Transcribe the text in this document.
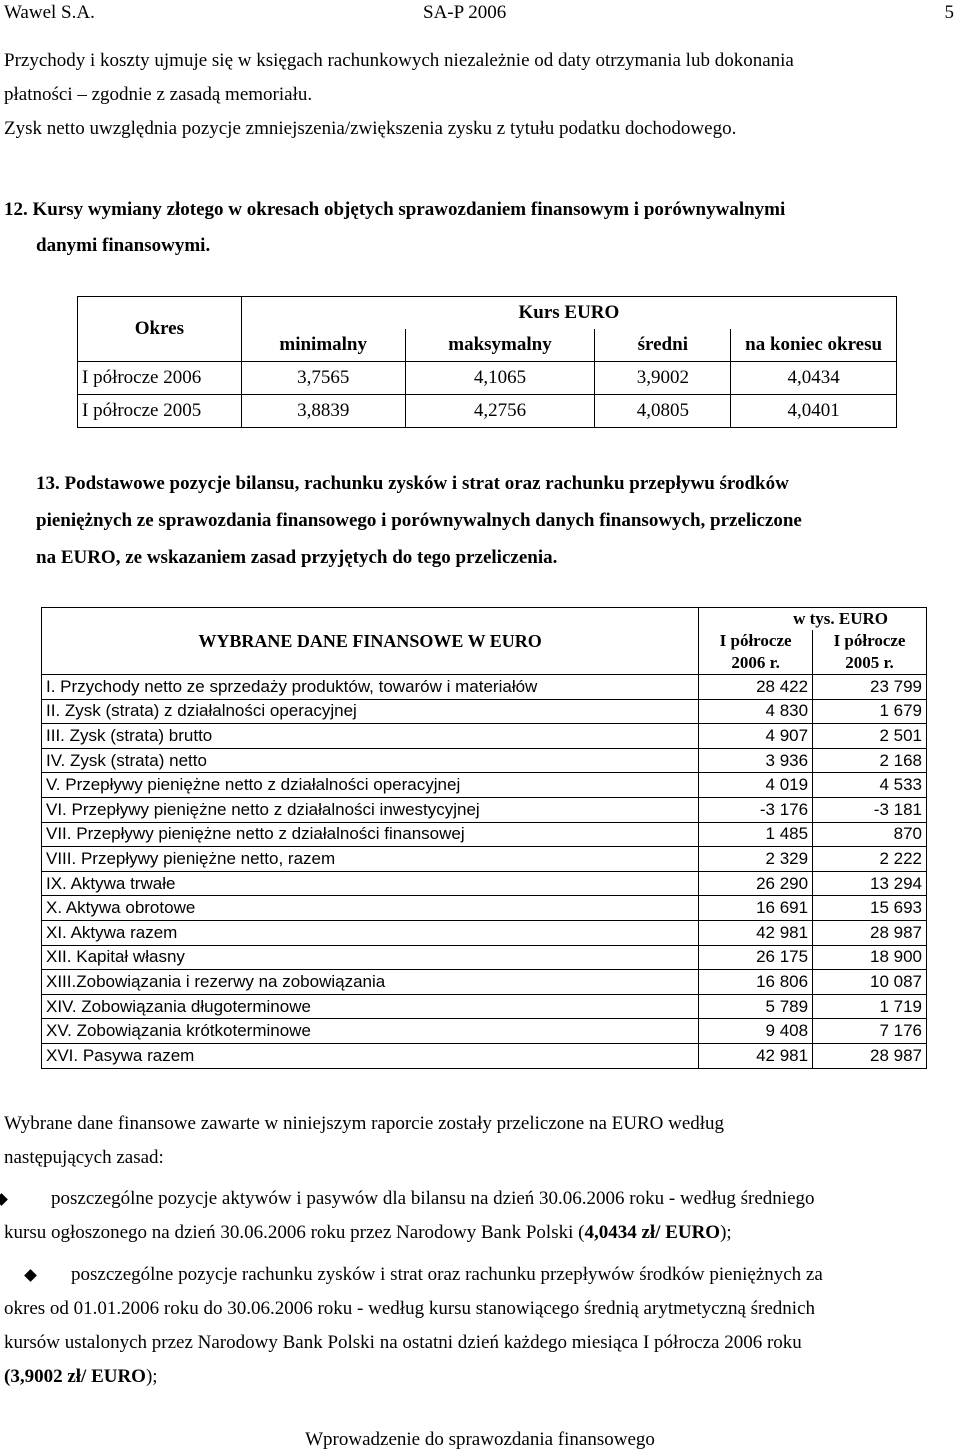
Wawel S.A.	SA-P 2006	5
Przychody i koszty ujmuje się w księgach rachunkowych niezależnie od daty otrzymania lub dokonania
płatności – zgodnie z zasadą memoriału.
Zysk netto uwzględnia pozycje zmniejszenia/zwiększenia zysku z tytułu podatku dochodowego.
12. Kursy wymiany złotego w okresach objętych sprawozdaniem finansowym i porównywalnymi
danymi finansowymi.
Okres	Kurs EURO			
	minimalny	maksymalny	średni	na koniec okresu
I półrocze 2006	3,7565	4,1065	3,9002	4,0434
I półrocze 2005	3,8839	4,2756	4,0805	4,0401
13. Podstawowe pozycje bilansu, rachunku zysków i strat oraz rachunku przepływu środków
pieniężnych ze sprawozdania finansowego i porównywalnych danych finansowych, przeliczone
na EURO, ze wskazaniem zasad przyjętych do tego przeliczenia.
WYBRANE DANE FINANSOWE W EURO	w tys. EURO	
	I półrocze	I półrocze
	2006 r.	2005 r.
I. Przychody netto ze sprzedaży produktów, towarów i materiałów	28 422	23 799
II. Zysk (strata) z działalności operacyjnej	4 830	1 679
III. Zysk (strata) brutto	4 907	2 501
IV. Zysk (strata) netto	3 936	2 168
V. Przepływy pieniężne netto z działalności operacyjnej	4 019	4 533
VI. Przepływy pieniężne netto z działalności inwestycyjnej	-3 176	-3 181
VII. Przepływy pieniężne netto z działalności finansowej	1 485	870
VIII. Przepływy pieniężne netto, razem	2 329	2 222
IX. Aktywa trwałe	26 290	13 294
X. Aktywa obrotowe	16 691	15 693
XI. Aktywa razem	42 981	28 987
XII. Kapitał własny	26 175	18 900
XIII.Zobowiązania i rezerwy na zobowiązania	16 806	10 087
XIV. Zobowiązania długoterminowe	5 789	1 719
XV. Zobowiązania krótkoterminowe	9 408	7 176
XVI. Pasywa razem	42 981	28 987
Wybrane dane finansowe zawarte w niniejszym raporcie zostały przeliczone na EURO według
następujących zasad:
poszczególne pozycje aktywów i pasywów dla bilansu na dzień 30.06.2006 roku - według średniego
kursu ogłoszonego na dzień 30.06.2006 roku przez Narodowy Bank Polski (4,0434 zł/ EURO);
poszczególne pozycje rachunku zysków i strat oraz rachunku przepływów środków pieniężnych za
okres od 01.01.2006 roku do 30.06.2006 roku - według kursu stanowiącego średnią arytmetyczną średnich
kursów ustalonych przez Narodowy Bank Polski na ostatni dzień każdego miesiąca I półrocza 2006 roku
(3,9002 zł/ EURO);
Wprowadzenie do sprawozdania finansowego
